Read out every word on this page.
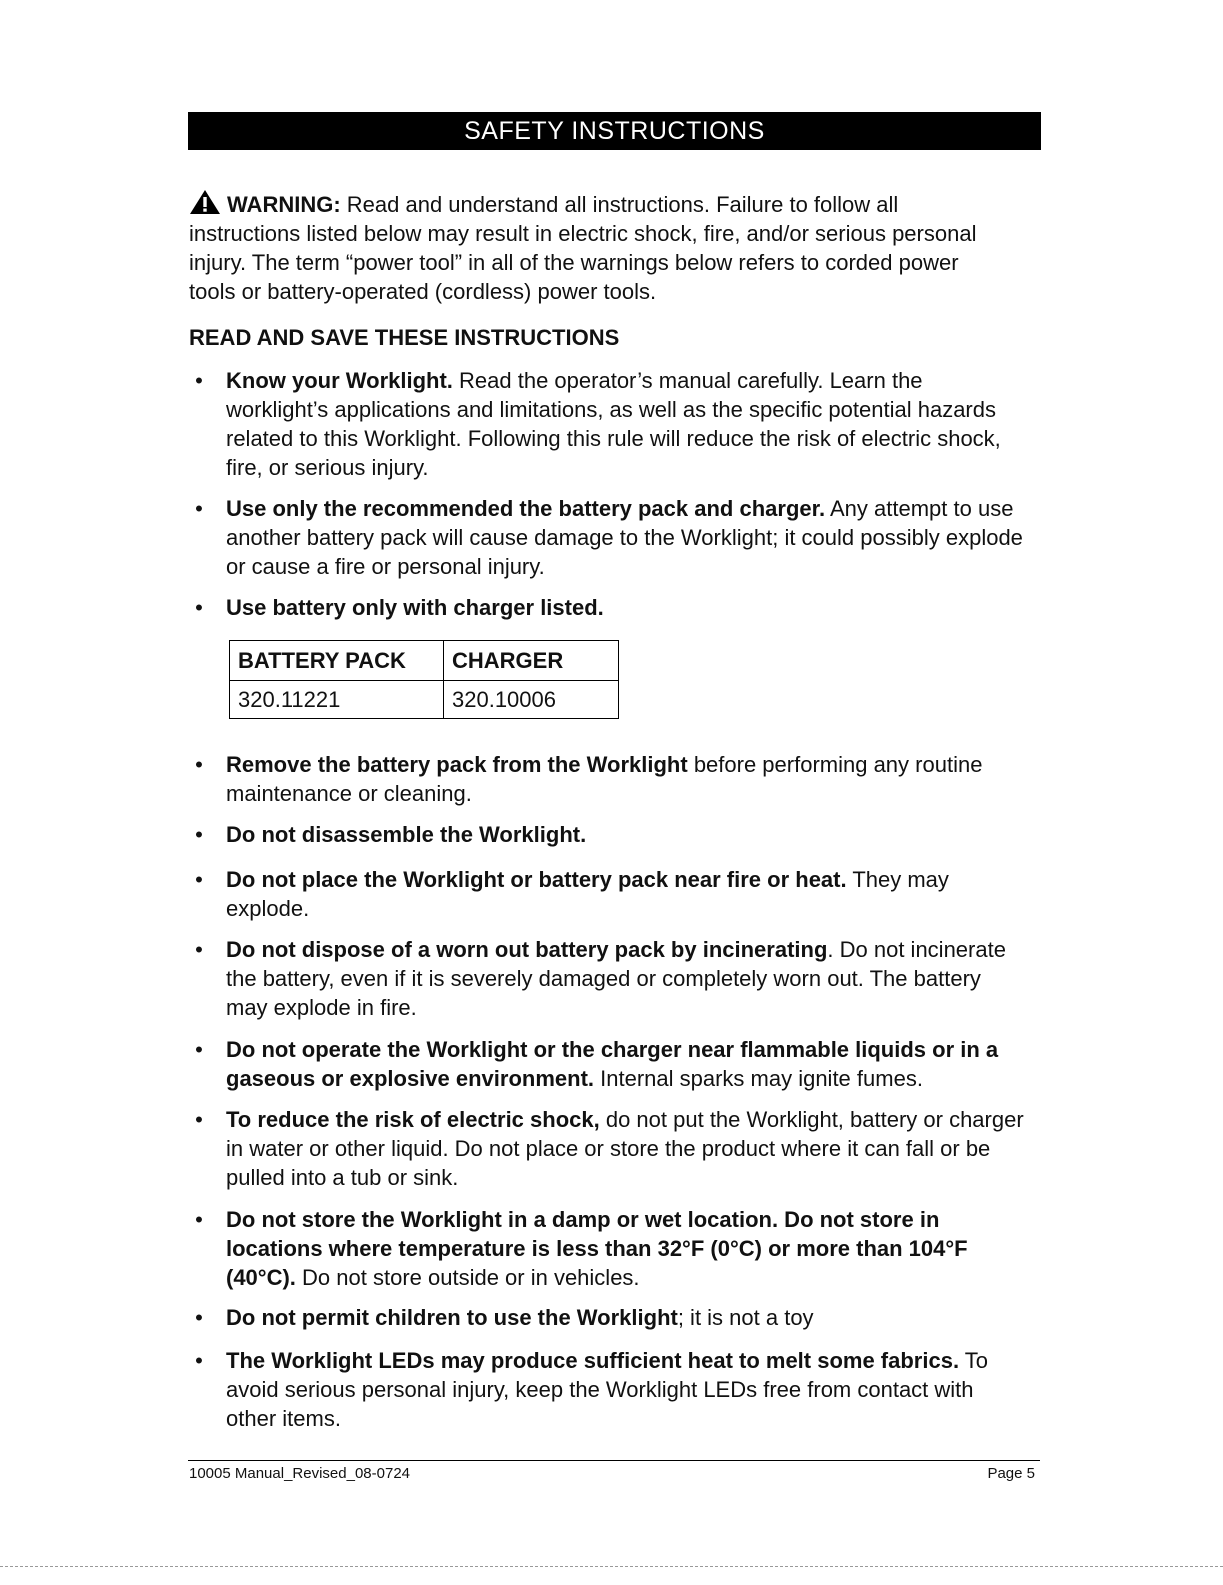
SAFETY INSTRUCTIONS
WARNING: Read and understand all instructions. Failure to follow all instructions listed below may result in electric shock, fire, and/or serious personal injury. The term “power tool” in all of the warnings below refers to corded power tools or battery-operated (cordless) power tools.
READ AND SAVE THESE INSTRUCTIONS
• Know your Worklight. Read the operator’s manual carefully. Learn the worklight’s applications and limitations, as well as the specific potential hazards related to this Worklight. Following this rule will reduce the risk of electric shock, fire, or serious injury.
• Use only the recommended the battery pack and charger. Any attempt to use another battery pack will cause damage to the Worklight; it could possibly explode or cause a fire or personal injury.
• Use battery only with charger listed.
BATTERY PACK	CHARGER
320.11221	320.10006
• Remove the battery pack from the Worklight before performing any routine maintenance or cleaning.
• Do not disassemble the Worklight.
• Do not place the Worklight or battery pack near fire or heat. They may explode.
• Do not dispose of a worn out battery pack by incinerating. Do not incinerate the battery, even if it is severely damaged or completely worn out. The battery may explode in fire.
• Do not operate the Worklight or the charger near flammable liquids or in a gaseous or explosive environment. Internal sparks may ignite fumes.
• To reduce the risk of electric shock, do not put the Worklight, battery or charger in water or other liquid. Do not place or store the product where it can fall or be pulled into a tub or sink.
• Do not store the Worklight in a damp or wet location. Do not store in locations where temperature is less than 32°F (0°C) or more than 104°F (40°C). Do not store outside or in vehicles.
• Do not permit children to use the Worklight; it is not a toy
• The Worklight LEDs may produce sufficient heat to melt some fabrics. To avoid serious personal injury, keep the Worklight LEDs free from contact with other items.
10005 Manual_Revised_08-0724	Page 5
